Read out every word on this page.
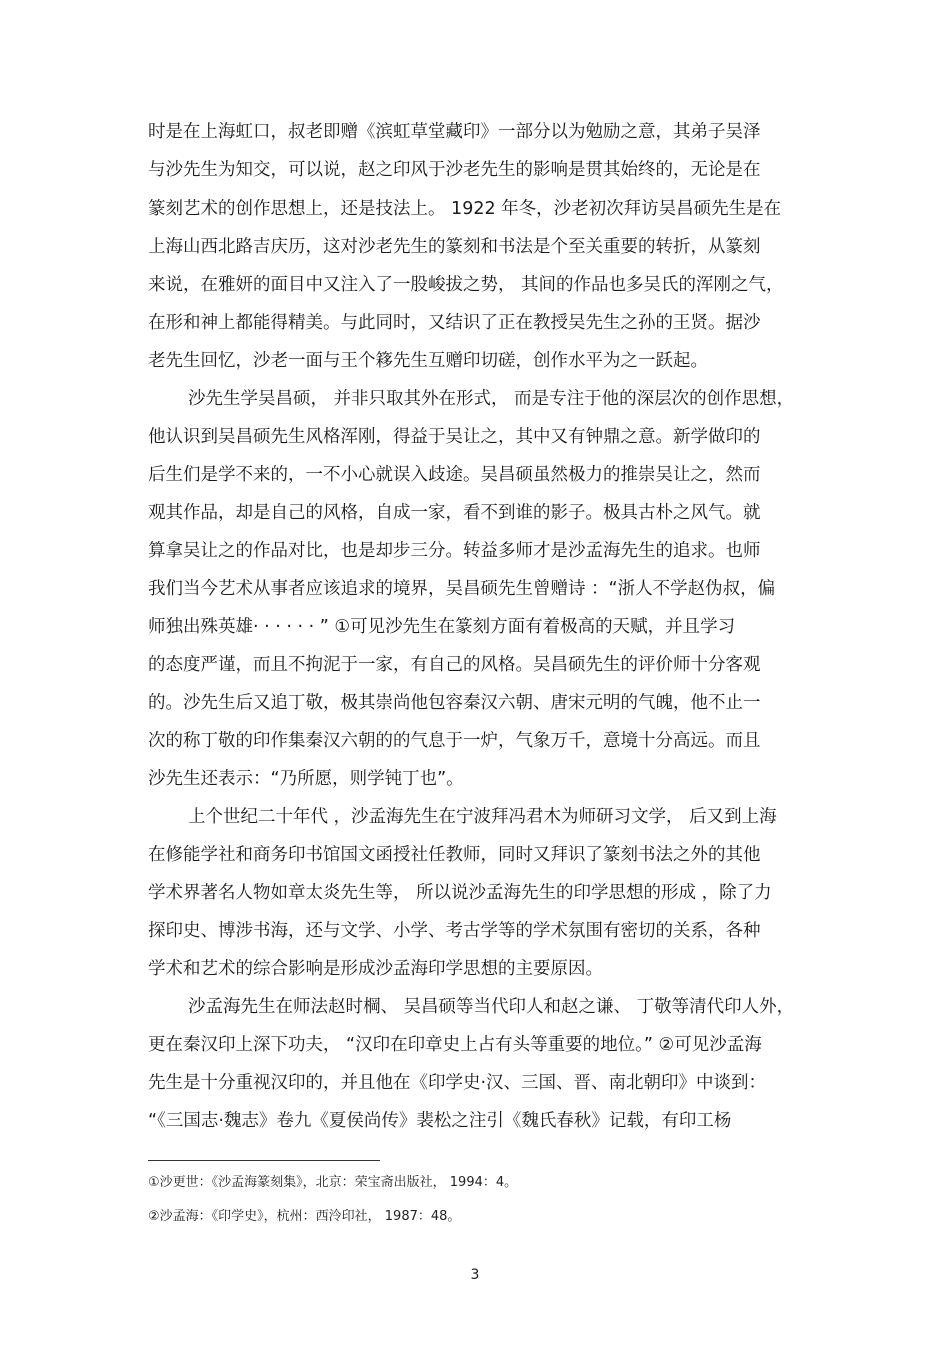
时是在上海虹口，叔老即赠《滨虹草堂藏印》一部分以为勉励之意，其弟子吴泽
与沙先生为知交，可以说，赵之印风于沙老先生的影响是贯其始终的，无论是在
篆刻艺术的创作思想上，还是技法上。 1922 年冬，沙老初次拜访吴昌硕先生是在
上海山西北路吉庆历，这对沙老先生的篆刻和书法是个至关重要的转折，从篆刻
来说，在雅妍的面目中又注入了一股峻拔之势， 其间的作品也多吴氏的浑刚之气，
在形和神上都能得精美。与此同时，又结识了正在教授吴先生之孙的王贤。据沙
老先生回忆，沙老一面与王个簃先生互赠印切磋，创作水平为之一跃起。
沙先生学吴昌硕， 并非只取其外在形式， 而是专注于他的深层次的创作思想，
他认识到吴昌硕先生风格浑刚，得益于吴让之，其中又有钟鼎之意。新学做印的
后生们是学不来的，一不小心就误入歧途。吴昌硕虽然极力的推崇吴让之，然而
观其作品，却是自己的风格，自成一家，看不到谁的影子。极具古朴之风气。就
算拿吴让之的作品对比，也是却步三分。转益多师才是沙孟海先生的追求。也师
我们当今艺术从事者应该追求的境界，吴昌硕先生曾赠诗 ：“浙人不学赵伪叔，偏
师独出殊英雄· · · · · · ” ①可见沙先生在篆刻方面有着极高的天赋，并且学习
的态度严谨，而且不拘泥于一家，有自己的风格。吴昌硕先生的评价师十分客观
的。沙先生后又追丁敬，极其崇尚他包容秦汉六朝、唐宋元明的气魄，他不止一
次的称丁敬的印作集秦汉六朝的的气息于一炉，气象万千，意境十分高远。而且
沙先生还表示：“乃所愿，则学钝丁也”。
上个世纪二十年代 ，沙孟海先生在宁波拜冯君木为师研习文学， 后又到上海
在修能学社和商务印书馆国文函授社任教师，同时又拜识了篆刻书法之外的其他
学术界著名人物如章太炎先生等， 所以说沙孟海先生的印学思想的形成 ，除了力
探印史、博涉书海，还与文学、小学、考古学等的学术氛围有密切的关系，各种
学术和艺术的综合影响是形成沙孟海印学思想的主要原因。
沙孟海先生在师法赵时棡、 吴昌硕等当代印人和赵之谦、 丁敬等清代印人外，
更在秦汉印上深下功夫， “汉印在印章史上占有头等重要的地位。” ②可见沙孟海
先生是十分重视汉印的，并且他在《印学史·汉、三国、晋、南北朝印》中谈到：
“《三国志·魏志》卷九《夏侯尚传》裴松之注引《魏氏春秋》记载，有印工杨
①沙更世：《沙孟海篆刻集》，北京：荣宝斋出版社， 1994：4。
②沙孟海：《印学史》，杭州：西泠印社， 1987：48。
3
